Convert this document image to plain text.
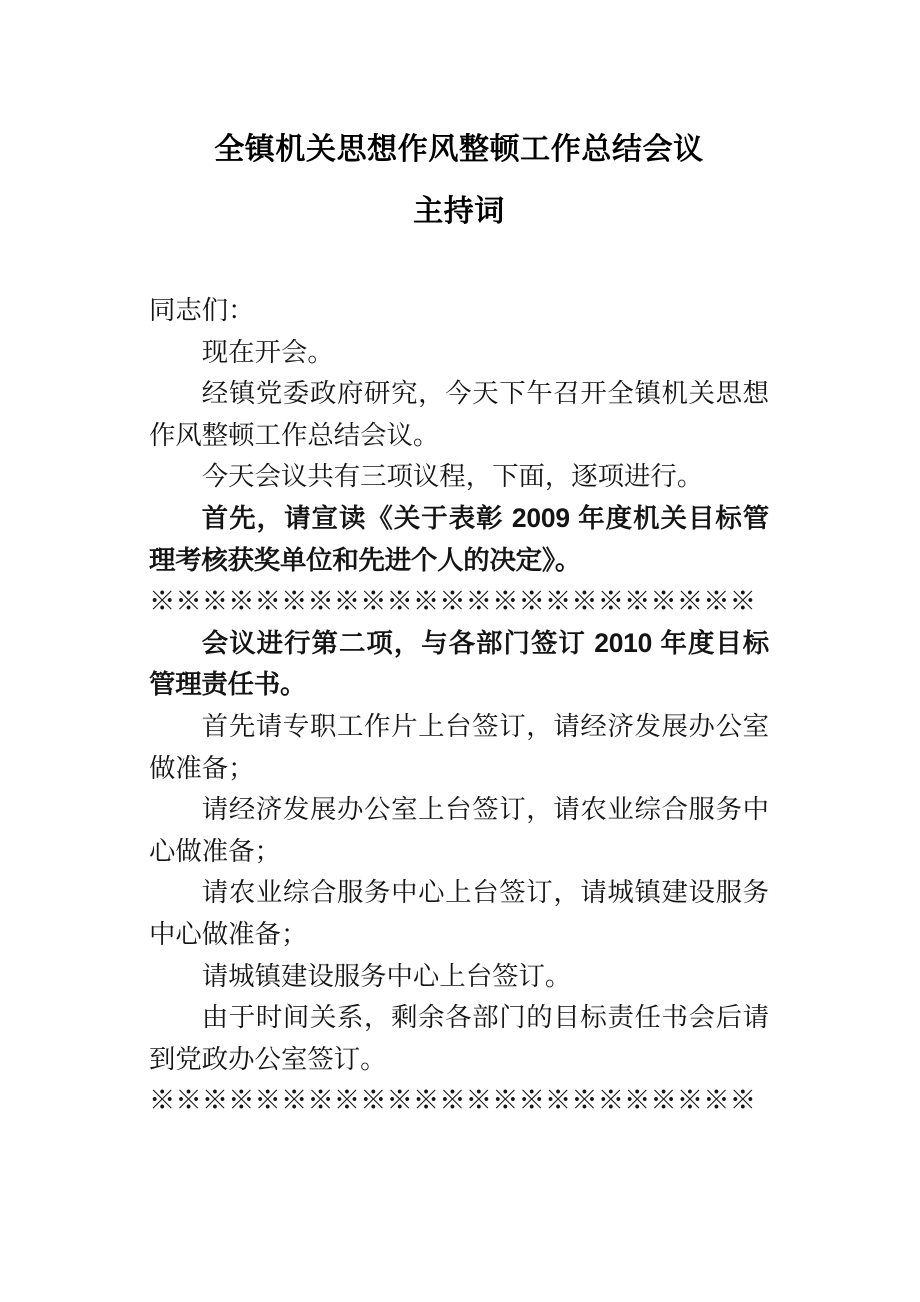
全镇机关思想作风整顿工作总结会议
主持词

同志们：

现在开会。

经镇党委政府研究，今天下午召开全镇机关思想作风整顿工作总结会议。

今天会议共有三项议程，下面，逐项进行。

首先，请宣读《关于表彰 2009 年度机关目标管理考核获奖单位和先进个人的决定》。

※※※※※※※※※※※※※※※※※※※※※※※

会议进行第二项，与各部门签订 2010 年度目标管理责任书。

首先请专职工作片上台签订，请经济发展办公室做准备；

请经济发展办公室上台签订，请农业综合服务中心做准备；

请农业综合服务中心上台签订，请城镇建设服务中心做准备；

请城镇建设服务中心上台签订。

由于时间关系，剩余各部门的目标责任书会后请到党政办公室签订。

※※※※※※※※※※※※※※※※※※※※※※※
